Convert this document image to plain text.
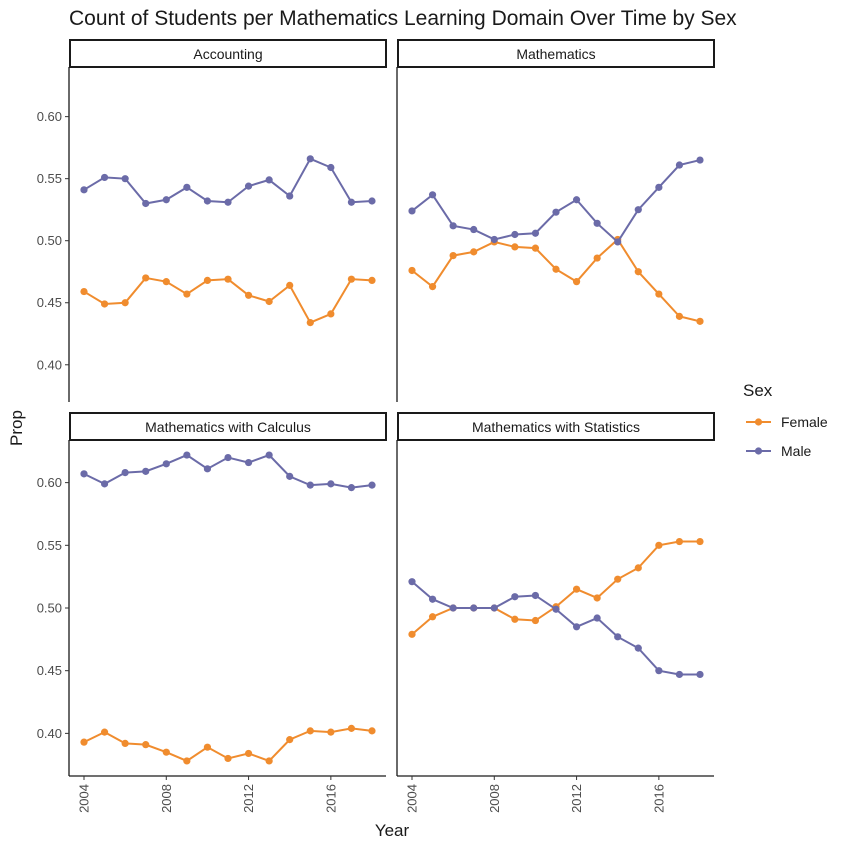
Count of Students per Mathematics Learning Domain Over Time by Sex
Accounting
0.40
0.45
0.50
0.55
0.60
Mathematics
Mathematics with Calculus
0.40
0.45
0.50
0.55
0.60
2004	2008	2012	2016
Mathematics with Statistics
2004	2008	2012	2016
Year
Prop
Sex
Female
Male
